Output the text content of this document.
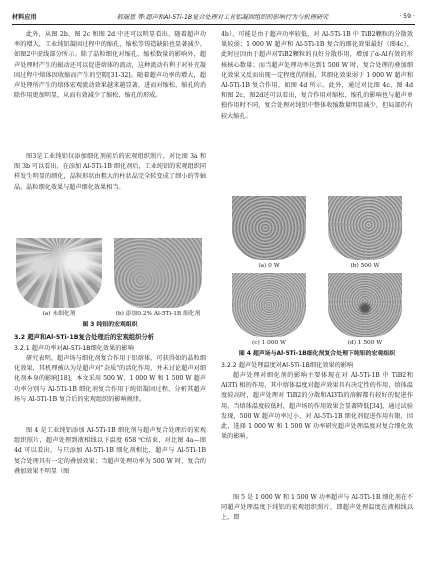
材料应用	韩瑞恩 等:超声和Al-5Ti-1B复合处理对工业铝凝固组织的影响行为与机理研究	· 59 ·

此外，从图 2b，图 2c 和图 2d 中还可以明显看出，随着超声功率的增大，工业纯铝凝固过程中的缩孔、缩松等铸造缺陷也显著减少，如图2中虚线部分所示。除了晶粒细化对缩孔、缩松数量的影响外，超声处理时产生的振动还可以促进熔体的流动，这种流动有利于对补充凝固过程中熔体因收缩而产生的空隙[31-32]。随着超声功率的增大，超声处理所产生的熔体宏观流动效果越来越显著，进而对缩松，缩孔的消除作用更加明显，从而有效减少了缩松、缩孔的形成。

图3是工业纯铝仅添加细化剂前后的宏观组织照片，对比图 3a 和图 3b 可以看出，在添加 Al-5Ti-1B 细化剂后，工业纯铝的宏观组织同样发生明显的细化，晶粒形状由粗大的柱状晶完全转变成了细小的等轴晶，晶粒细化效果与超声细化效果相当。

(a) 未细化剂	(b) 添加0.2% Al-5Ti-1B 细化剂
图 3 纯铝的宏观组织

3.2 超声和Al-5Ti-1B复合处理后的宏观组织分析

3.2.1 超声功率对Al-5Ti-1B细化效果的影响

研究表明，超声场与细化剂复合作用于铝熔体，可获得如的晶粒细化效果，其机理被认为是超声对"杂质"的活化作用，并未讨论超声对细化剂本身的影响[18]。本文采用 500 W、1 000 W 和 1 500 W 超声功率分别与 Al-5Ti-1B 细化剂复合作用于纯铝凝固过程，分析其超声场与 Al-5Ti-1B 复合后的宏观组织的影响规律。

图 4 是工业纯铝添加 Al-5Ti-1B 细化剂与超声复合处理后的宏观组织照片，超声处理到液相线以下温度 658 ℃结束，对比图 4a—图 4d 可以看出，与只添加 Al-5Ti-1B 细化剂相比，超声与 Al-5Ti-1B 复合处理具有一定的叠加效果；当超声处理功率为 500 W 时，复合的叠加效果不明显（图

4b），可能是由于超声功率较低，对 Al-5Ti-1B 中 TiB2颗粒的分散效果较弱；1 000 W 超声和 Al-5Ti-1B 复合的细化效果最好（图4c），此时应因由于超声对TiB2颗粒的良好分散作用，增加了α-Al有效的形核核心数量；而当超声处理功率达到1 500 W 时，复合处理的叠加细化效果又反而出现一定程度的削弱，其细化效果弱于 1 000 W 超声和 Al-5Ti-1B 复合作用，如图 4d 所示。此外，通过对比图 4c、图 4d 和图 2c、图2d还可以看出，复合作用对缩松、缩孔的影响也与超声单独作用时不同，复合处理对纯铝中整体收缩数量明显减少，但局部仍有较大缩孔。

(a) 0 W	(b) 500 W
(c) 1 000 W	(d) 1 500 W
图 4 超声场与Al-5Ti-1B细化剂复合处理下纯铝的宏观组织

3.2.2 超声处理温度对Al-5Ti-1B细化效果的影响

超声处理对细化剂的影响主要体现在对 Al-5Ti-1B 中 TiB2和 Al3Ti 相的作用，其中熔体温度对超声效果具有决定性的作用，熔体温度较高时，超声处理对 TiB2的分散和Al3Ti的溶解都有较好的促进作用，当熔体温度较低时，超声场的作用效果会显著降低[34]，通过试验发现，500 W 超声功率过小，对 Al-5Ti-1B 细化剂促进作用有限，因此，选择 1 000 W 和 1 500 W 功率研究超声处理温度对复合细化效果的影响。

图 5 是 1 000 W 和 1 500 W 功率超声与 Al-5Ti-1B 细化剂在不同超声处理温度下纯铝的宏观组织照片，即超声处理温度在液相线以上，即
